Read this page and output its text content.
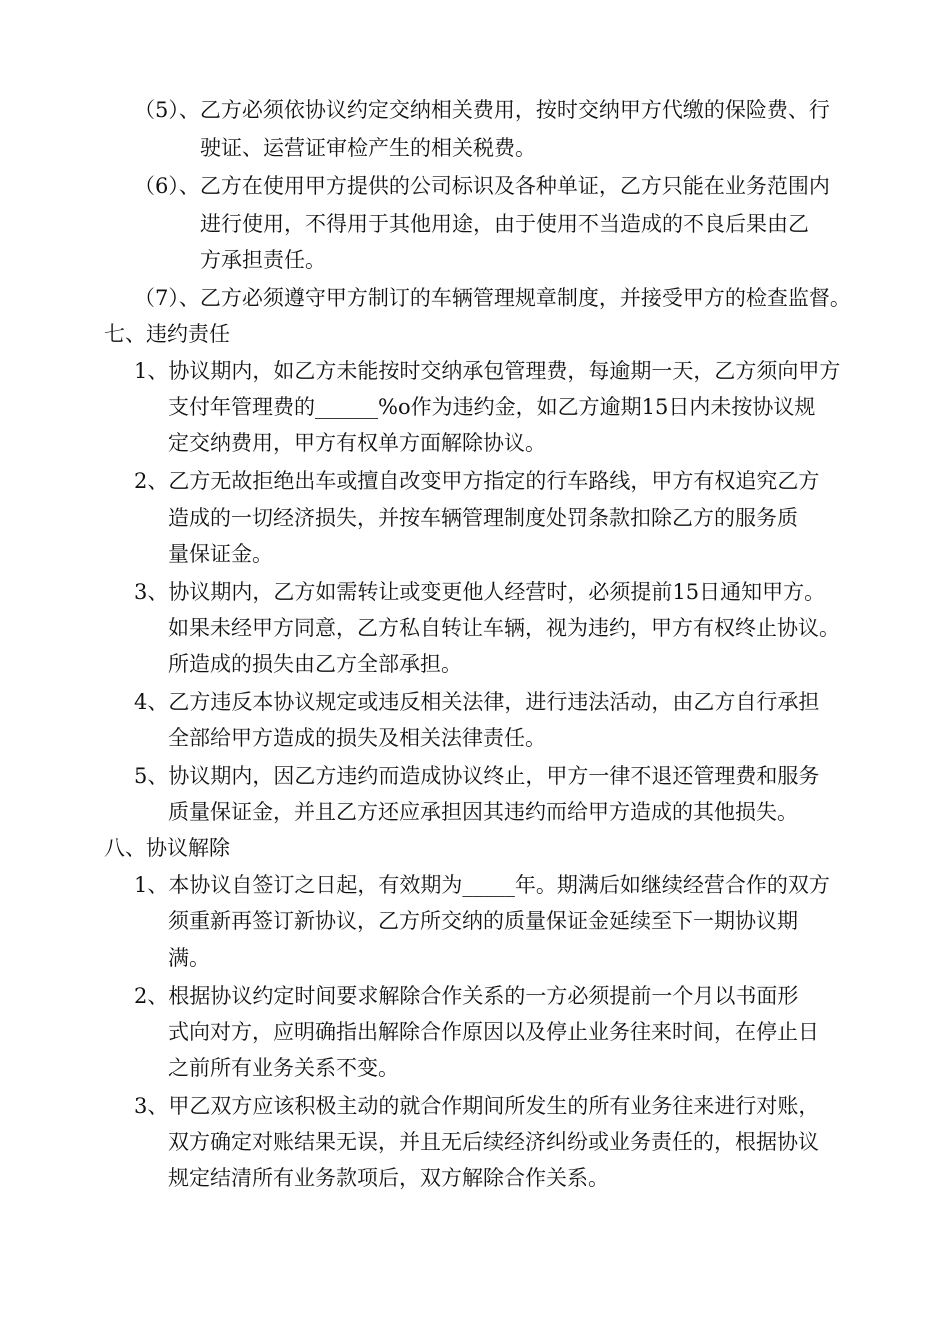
（5）、乙方必须依协议约定交纳相关费用，按时交纳甲方代缴的保险费、行
驶证、运营证审检产生的相关税费。
（6）、乙方在使用甲方提供的公司标识及各种单证，乙方只能在业务范围内
进行使用，不得用于其他用途，由于使用不当造成的不良后果由乙
方承担责任。
（7）、乙方必须遵守甲方制订的车辆管理规章制度，并接受甲方的检查监督。
七、违约责任
1、协议期内，如乙方未能按时交纳承包管理费，每逾期一天，乙方须向甲方
支付年管理费的______%o作为违约金，如乙方逾期15日内未按协议规
定交纳费用，甲方有权单方面解除协议。
2、乙方无故拒绝出车或擅自改变甲方指定的行车路线，甲方有权追究乙方
造成的一切经济损失，并按车辆管理制度处罚条款扣除乙方的服务质
量保证金。
3、协议期内，乙方如需转让或变更他人经营时，必须提前15日通知甲方。
如果未经甲方同意，乙方私自转让车辆，视为违约，甲方有权终止协议。
所造成的损失由乙方全部承担。
4、乙方违反本协议规定或违反相关法律，进行违法活动，由乙方自行承担
全部给甲方造成的损失及相关法律责任。
5、协议期内，因乙方违约而造成协议终止，甲方一律不退还管理费和服务
质量保证金，并且乙方还应承担因其违约而给甲方造成的其他损失。
八、协议解除
1、本协议自签订之日起，有效期为_____年。期满后如继续经营合作的双方
须重新再签订新协议，乙方所交纳的质量保证金延续至下一期协议期
满。
2、根据协议约定时间要求解除合作关系的一方必须提前一个月以书面形
式向对方，应明确指出解除合作原因以及停止业务往来时间，在停止日
之前所有业务关系不变。
3、甲乙双方应该积极主动的就合作期间所发生的所有业务往来进行对账，
双方确定对账结果无误，并且无后续经济纠纷或业务责任的，根据协议
规定结清所有业务款项后，双方解除合作关系。
